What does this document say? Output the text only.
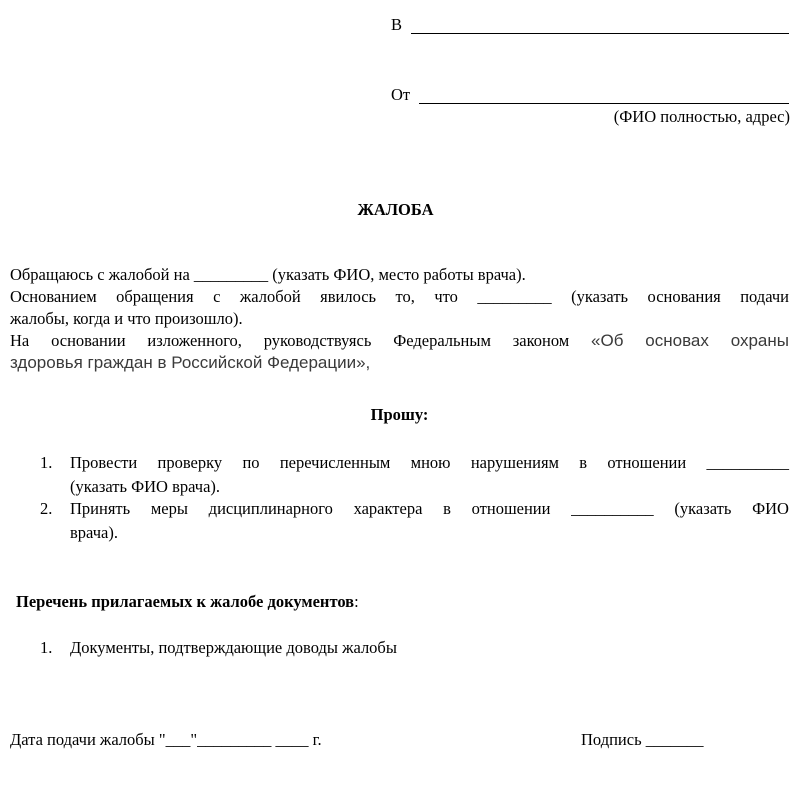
В
От
(ФИО полностью, адрес)
ЖАЛОБА
Обращаюсь с жалобой на _________ (указать ФИО, место работы врача).
Основанием обращения с жалобой явилось то, что _________ (указать основания подачи
жалобы, когда и что произошло).
На основании изложенного, руководствуясь Федеральным законом «Об основах охраны
здоровья граждан в Российской Федерации»,
Прошу:
1. Провести проверку по перечисленным мною нарушениям в отношении __________
(указать ФИО врача).
2. Принять меры дисциплинарного характера в отношении __________ (указать ФИО
врача).
Перечень прилагаемых к жалобе документов:
1. Документы, подтверждающие доводы жалобы
Дата подачи жалобы "___"_________ ____ г.	Подпись _______
